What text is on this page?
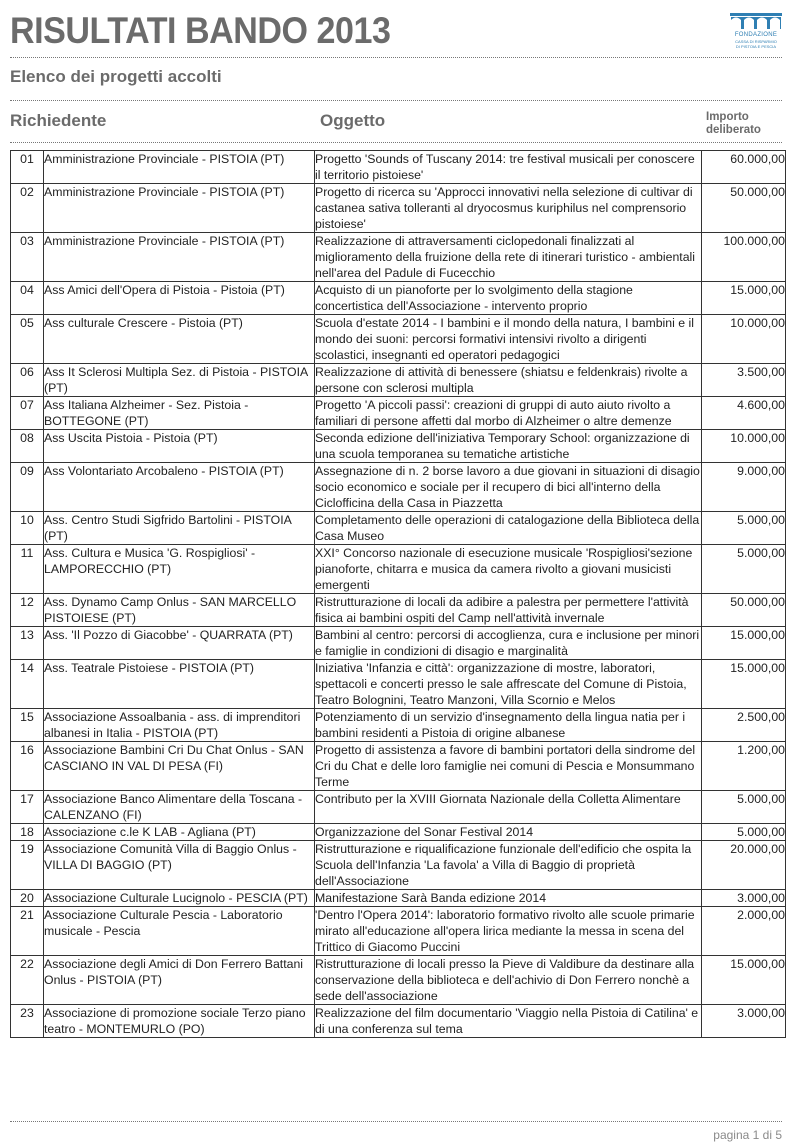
RISULTATI BANDO 2013	FONDAZIONE
CASSA DI RISPARMIO
DI PISTOIA E PESCIA
Elenco dei progetti accolti
Richiedente	Oggetto	Importo
deliberato
01	Amministrazione Provinciale - PISTOIA (PT)	Progetto 'Sounds of Tuscany 2014: tre festival musicali per conoscere il territorio pistoiese'	60.000,00
02	Amministrazione Provinciale - PISTOIA (PT)	Progetto di ricerca su 'Approcci innovativi nella selezione di cultivar di castanea sativa tolleranti al dryocosmus kuriphilus nel comprensorio pistoiese'	50.000,00
03	Amministrazione Provinciale - PISTOIA (PT)	Realizzazione di attraversamenti ciclopedonali finalizzati al miglioramento della fruizione della rete di itinerari turistico - ambientali nell'area del Padule di Fucecchio	100.000,00
04	Ass Amici dell'Opera di Pistoia - Pistoia (PT)	Acquisto di un pianoforte per lo svolgimento della stagione concertistica dell'Associazione - intervento proprio	15.000,00
05	Ass culturale Crescere - Pistoia (PT)	Scuola d'estate 2014 - I bambini e il mondo della natura, I bambini e il mondo dei suoni: percorsi formativi intensivi rivolto a dirigenti scolastici, insegnanti ed operatori pedagogici	10.000,00
06	Ass It Sclerosi Multipla Sez. di Pistoia - PISTOIA (PT)	Realizzazione di attività di benessere (shiatsu e feldenkrais) rivolte a persone con sclerosi multipla	3.500,00
07	Ass Italiana Alzheimer - Sez. Pistoia - BOTTEGONE (PT)	Progetto 'A piccoli passi': creazioni di gruppi di auto aiuto rivolto a familiari di persone affetti dal morbo di Alzheimer o altre demenze	4.600,00
08	Ass Uscita Pistoia - Pistoia (PT)	Seconda edizione dell'iniziativa Temporary School: organizzazione di una scuola temporanea su tematiche artistiche	10.000,00
09	Ass Volontariato Arcobaleno - PISTOIA (PT)	Assegnazione di n. 2 borse lavoro a due giovani in situazioni di disagio socio economico e sociale per il recupero di bici all'interno della Ciclofficina della Casa in Piazzetta	9.000,00
10	Ass. Centro Studi Sigfrido Bartolini - PISTOIA (PT)	Completamento delle operazioni di catalogazione della Biblioteca della Casa Museo	5.000,00
11	Ass. Cultura e Musica 'G. Rospigliosi' - LAMPORECCHIO (PT)	XXI° Concorso nazionale di esecuzione musicale 'Rospigliosi'sezione pianoforte, chitarra e musica da camera rivolto a giovani musicisti emergenti	5.000,00
12	Ass. Dynamo Camp Onlus - SAN MARCELLO PISTOIESE (PT)	Ristrutturazione di locali da adibire a palestra per permettere l'attività fisica ai bambini ospiti del Camp nell'attività invernale	50.000,00
13	Ass. 'Il Pozzo di Giacobbe' - QUARRATA (PT)	Bambini al centro: percorsi di accoglienza, cura e inclusione per minori e famiglie in condizioni di disagio e marginalità	15.000,00
14	Ass. Teatrale Pistoiese - PISTOIA (PT)	Iniziativa 'Infanzia e città': organizzazione di mostre, laboratori, spettacoli e concerti presso le sale affrescate del Comune di Pistoia, Teatro Bolognini, Teatro Manzoni, Villa Scornio e Melos	15.000,00
15	Associazione Assoalbania - ass. di imprenditori albanesi in Italia - PISTOIA (PT)	Potenziamento di un servizio d'insegnamento della lingua natia per i bambini residenti a Pistoia di origine albanese	2.500,00
16	Associazione Bambini Cri Du Chat Onlus - SAN CASCIANO IN VAL DI PESA (FI)	Progetto di assistenza a favore di bambini portatori della sindrome del Cri du Chat e delle loro famiglie nei comuni di Pescia e Monsummano Terme	1.200,00
17	Associazione Banco Alimentare della Toscana - CALENZANO (FI)	Contributo per la XVIII Giornata Nazionale della Colletta Alimentare	5.000,00
18	Associazione c.le K LAB - Agliana (PT)	Organizzazione del Sonar Festival 2014	5.000,00
19	Associazione Comunità Villa di Baggio Onlus - VILLA DI BAGGIO (PT)	Ristrutturazione e riqualificazione funzionale dell'edificio che ospita la Scuola dell'Infanzia 'La favola' a Villa di Baggio di proprietà dell'Associazione	20.000,00
20	Associazione Culturale Lucignolo - PESCIA (PT)	Manifestazione Sarà Banda edizione 2014	3.000,00
21	Associazione Culturale Pescia - Laboratorio musicale - Pescia	'Dentro l'Opera 2014': laboratorio formativo rivolto alle scuole primarie mirato all'educazione all'opera lirica mediante la messa in scena del Trittico di Giacomo Puccini	2.000,00
22	Associazione degli Amici di Don Ferrero Battani Onlus - PISTOIA (PT)	Ristrutturazione di locali presso la Pieve di Valdibure da destinare alla conservazione della biblioteca e dell'achivio di Don Ferrero nonchè a sede dell'associazione	15.000,00
23	Associazione di promozione sociale Terzo piano teatro - MONTEMURLO (PO)	Realizzazione del film documentario 'Viaggio nella Pistoia di Catilina' e di una conferenza sul tema	3.000,00
pagina 1 di 5
